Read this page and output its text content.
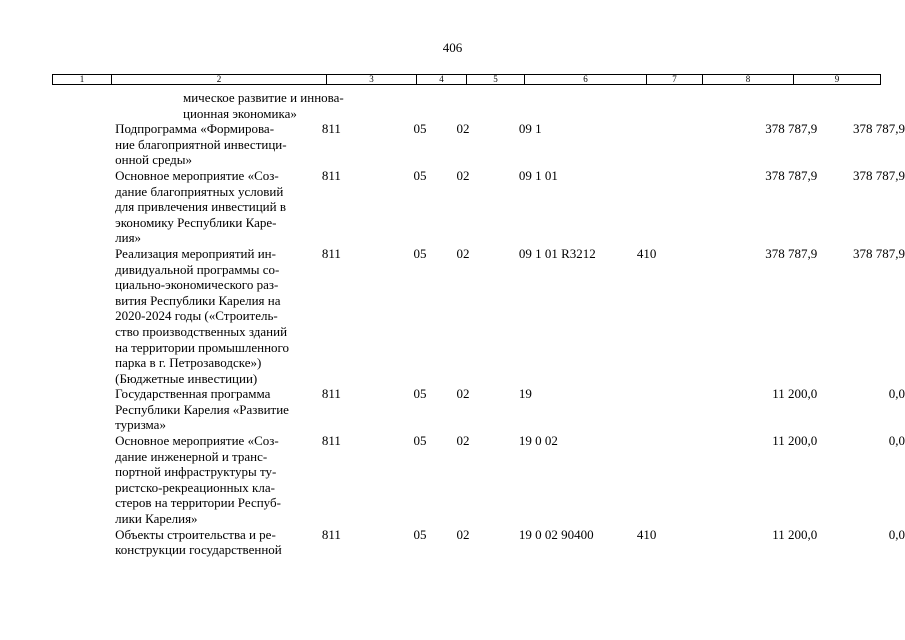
406
1	2	3	4	5	6	7	8	9
мическое развитие и иннова-
ционная экономика»
Подпрограмма «Формирова-
ние благоприятной инвестици-
онной среды»
811	05	02	09 1	378 787,9	378 787,9
Основное мероприятие «Соз-
дание благоприятных условий
для привлечения инвестиций в
экономику Республики Каре-
лия»
811	05	02	09 1 01	378 787,9	378 787,9
Реализация мероприятий ин-
дивидуальной программы со-
циально-экономического раз-
вития Республики Карелия на
2020-2024 годы («Строитель-
ство производственных зданий
на территории промышленного
парка в г. Петрозаводске»)
(Бюджетные инвестиции)
811	05	02	09 1 01 R3212	410	378 787,9	378 787,9
Государственная программа
Республики Карелия «Развитие
туризма»
811	05	02	19	11 200,0	0,0
Основное мероприятие «Соз-
дание инженерной и транс-
портной инфраструктуры ту-
ристско-рекреационных кла-
стеров на территории Респуб-
лики Карелия»
811	05	02	19 0 02	11 200,0	0,0
Объекты строительства и ре-
конструкции государственной
811	05	02	19 0 02 90400	410	11 200,0	0,0
